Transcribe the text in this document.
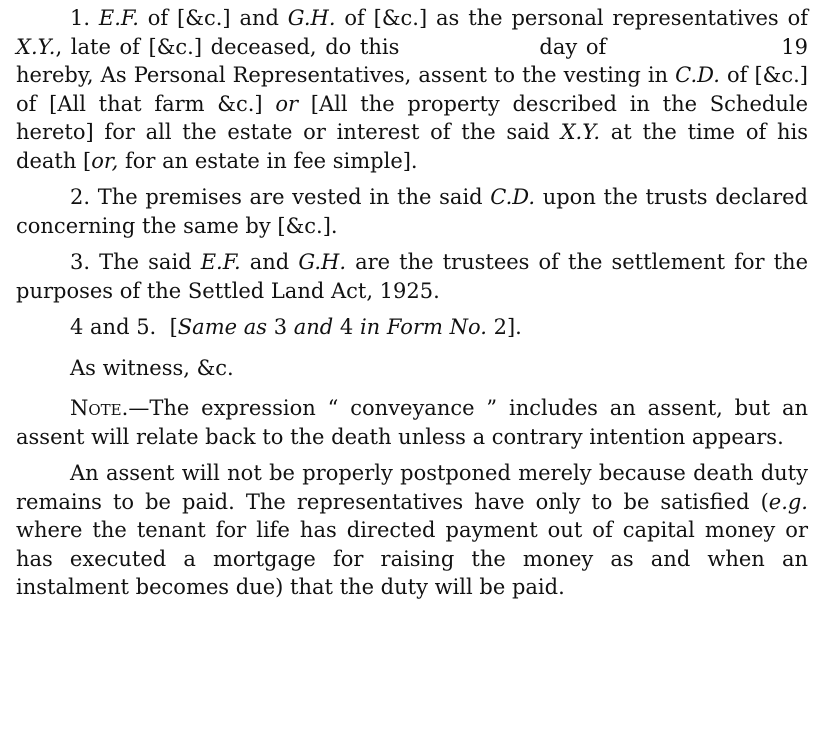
1. E.F. of [&c.] and G.H. of [&c.] as the personal representatives of X.Y., late of [&c.] deceased, do this	day of	19 hereby, As Personal Representatives, assent to the vesting in C.D. of [&c.] of [All that farm &c.] or [All the property described in the Schedule hereto] for all the estate or interest of the said X.Y. at the time of his death [or, for an estate in fee simple].

2. The premises are vested in the said C.D. upon the trusts declared concerning the same by [&c.].

3. The said E.F. and G.H. are the trustees of the settlement for the purposes of the Settled Land Act, 1925.

4 and 5.  [Same as 3 and 4 in Form No. 2].

As witness, &c.

Note.—The expression “ conveyance ” includes an assent, but an assent will relate back to the death unless a contrary intention appears.

An assent will not be properly postponed merely because death duty remains to be paid. The representatives have only to be satisfied (e.g. where the tenant for life has directed payment out of capital money or has executed a mortgage for raising the money as and when an instalment becomes due) that the duty will be paid.
